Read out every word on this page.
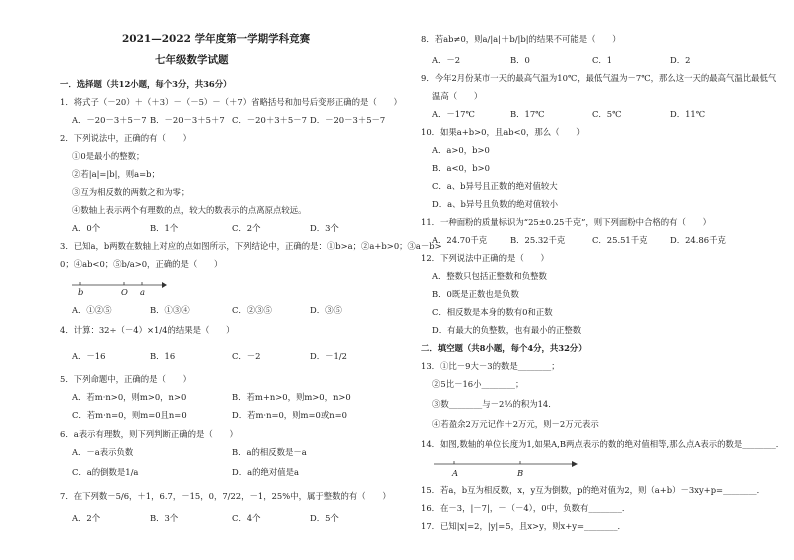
2021—2022 学年度第一学期学科竞赛
七年级数学试题
一．选择题（共12小题，每个3分，共36分）
1．将式子（－20）＋（＋3）－（－5）－（＋7）省略括号和加号后变形正确的是（　　）
A．－20－3＋5－7 B．－20－3＋5＋7 C．－20＋3＋5－7 D．－20－3＋5－7
2．下列说法中，正确的有（　　）
①0是最小的整数；
②若|a|=|b|，则a=b；
③互为相反数的两数之和为零；
④数轴上表示两个有理数的点，较大的数表示的点离原点较远。
A．0个	B．1个	C．2个	D．3个
3．已知a，b两数在数轴上对应的点如图所示，下列结论中，正确的是：①b>a；②a+b>0；③a－b>
0；④ab<0；⑤b/a>0，正确的是（　　）
b	O a
A．①②⑤	B．①③④	C．②③⑤	D．③⑤
4．计算：32÷（－4）×1/4的结果是（　　）
A．－16	B．16	C．－2	D．－1/2
5．下列命题中，正确的是（　　）
A．若m·n>0，则m>0，n>0	B．若m+n>0，则m>0，n>0
C．若m·n=0，则m=0且n=0	D．若m·n=0，则m=0或n=0
6．a表示有理数，则下列判断正确的是（　　）
A．－a表示负数	B．a的相反数是－a
C．a的倒数是1/a	D．a的绝对值是a
7．在下列数－5/6，＋1，6.7，－15，0，7/22，－1，25%中，属于整数的有（　　）
A．2个	B．3个	C．4个	D．5个
8．若ab≠0，则a/|a|＋b/|b|的结果不可能是（　　）
A．－2	B．0	C．1	D．2
9．今年2月份某市一天的最高气温为10℃，最低气温为－7℃，那么这一天的最高气温比最低气
温高（　　）
A．－17℃	B．17℃	C．5℃	D．11℃
10．如果a+b>0，且ab<0，那么（　　）
A．a>0，b>0
B．a<0，b>0
C．a、b异号且正数的绝对值较大
D．a、b异号且负数的绝对值较小
11．一种面粉的质量标识为“25±0.25千克”，则下列面粉中合格的有（　　）
A．24.70千克	B．25.32千克	C．25.51千克	D．24.86千克
12．下列说法中正确的是（　　）
A．整数只包括正整数和负整数
B．0既是正数也是负数
C．相反数是本身的数有0和正数
D．有最大的负整数，也有最小的正整数
二．填空题（共8小题，每个4分，共32分）
13．①比－9大－3的数是________；
②5比－16小________；
③数________与－2⅓的积为14．
④若盈余2万元记作＋2万元，则－2万元表示
14．如图,数轴的单位长度为1,如果A,B两点表示的数的绝对值相等,那么点A表示的数是________．
A	B
15．若a，b互为相反数，x，y互为倒数，p的绝对值为2，则（a+b）－3xy+p=________．
16．在－3，|－7|，－（－4），0中，负数有________．
17．已知|x|=2，|y|=5，且x>y，则x+y=________．
